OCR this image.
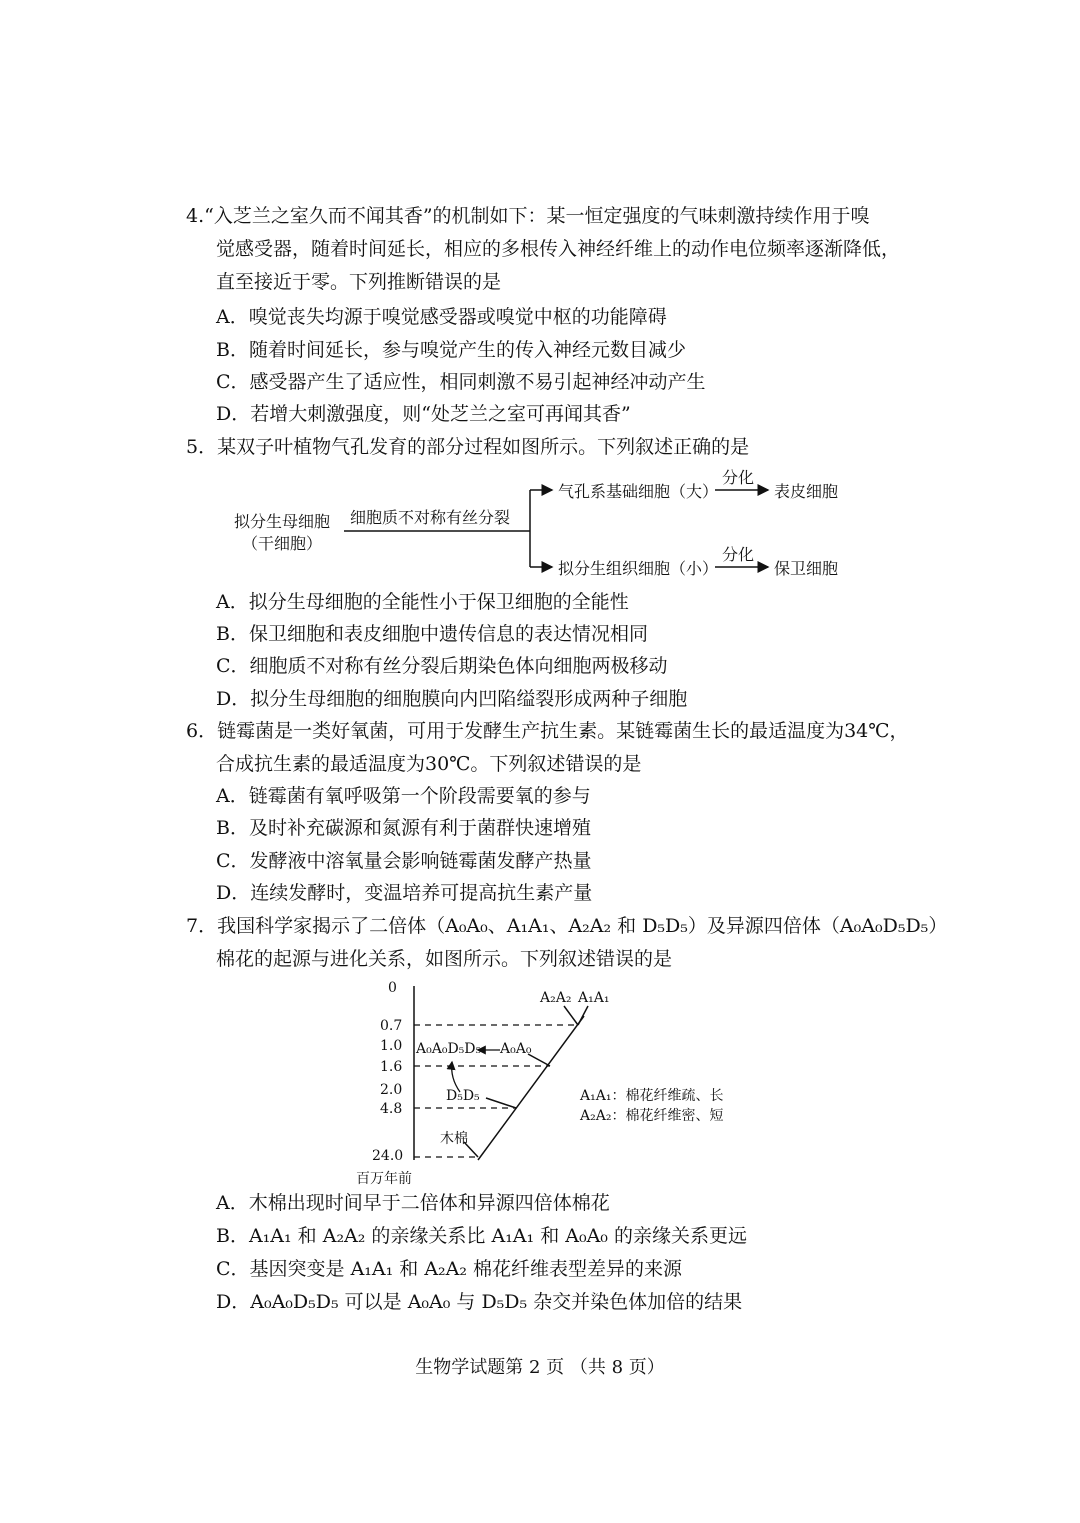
4.“入芝兰之室久而不闻其香”的机制如下：某一恒定强度的气味刺激持续作用于嗅
觉感受器，随着时间延长，相应的多根传入神经纤维上的动作电位频率逐渐降低，
直至接近于零。下列推断错误的是
A．嗅觉丧失均源于嗅觉感受器或嗅觉中枢的功能障碍
B．随着时间延长，参与嗅觉产生的传入神经元数目减少
C．感受器产生了适应性，相同刺激不易引起神经冲动产生
D．若增大刺激强度，则“处芝兰之室可再闻其香”
5．某双子叶植物气孔发育的部分过程如图所示。下列叙述正确的是
拟分生母细胞
（干细胞）
细胞质不对称有丝分裂
气孔系基础细胞（大）
拟分生组织细胞（小）
分化
分化
表皮细胞
保卫细胞
A．拟分生母细胞的全能性小于保卫细胞的全能性
B．保卫细胞和表皮细胞中遗传信息的表达情况相同
C．细胞质不对称有丝分裂后期染色体向细胞两极移动
D．拟分生母细胞的细胞膜向内凹陷缢裂形成两种子细胞
6．链霉菌是一类好氧菌，可用于发酵生产抗生素。某链霉菌生长的最适温度为34℃，
合成抗生素的最适温度为30℃。下列叙述错误的是
A．链霉菌有氧呼吸第一个阶段需要氧的参与
B．及时补充碳源和氮源有利于菌群快速增殖
C．发酵液中溶氧量会影响链霉菌发酵产热量
D．连续发酵时，变温培养可提高抗生素产量
7．我国科学家揭示了二倍体（A₀A₀、A₁A₁、A₂A₂ 和 D₅D₅）及异源四倍体（A₀A₀D₅D₅）
棉花的起源与进化关系，如图所示。下列叙述错误的是
0
0.7
1.0
1.6
2.0
4.8
24.0
百万年前
A₂A₂ A₁A₁
A₀A₀D₅D₅ A₀A₀
D₅D₅
木棉
A₁A₁：棉花纤维疏、长
A₂A₂：棉花纤维密、短
A．木棉出现时间早于二倍体和异源四倍体棉花
B．A₁A₁ 和 A₂A₂ 的亲缘关系比 A₁A₁ 和 A₀A₀ 的亲缘关系更远
C．基因突变是 A₁A₁ 和 A₂A₂ 棉花纤维表型差异的来源
D．A₀A₀D₅D₅ 可以是 A₀A₀ 与 D₅D₅ 杂交并染色体加倍的结果
生物学试题第 2 页 （共 8 页）
